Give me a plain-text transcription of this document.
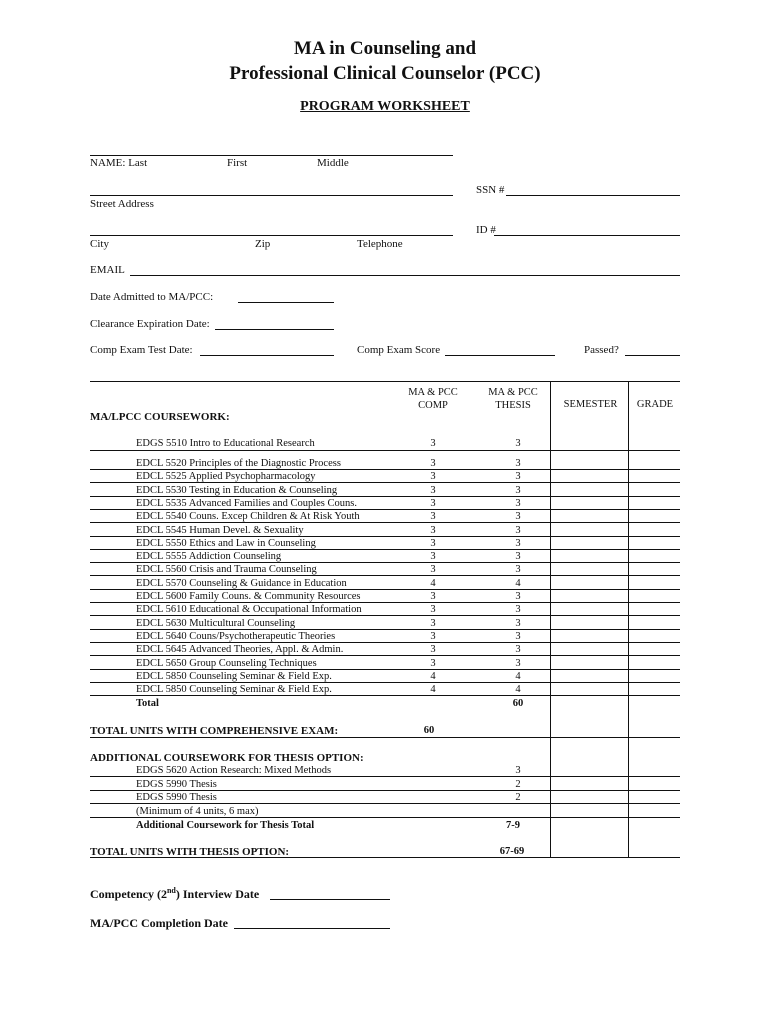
MA in Counseling and
Professional Clinical Counselor (PCC)
PROGRAM WORKSHEET
NAME: Last	First	Middle
SSN #
Street Address
ID #
City	Zip	Telephone
EMAIL
Date Admitted to MA/PCC:
Clearance Expiration Date:
Comp Exam Test Date:	Comp Exam Score	Passed?
MA & PCC
COMP
MA & PCC
THESIS	SEMESTER	GRADE
MA/LPCC COURSEWORK:
EDGS 5510 Intro to Educational Research	3	3
EDCL 5520 Principles of the Diagnostic Process	3	3
EDCL 5525 Applied Psychopharmacology	3	3
EDCL 5530 Testing in Education & Counseling	3	3
EDCL 5535 Advanced Families and Couples Couns.	3	3
EDCL 5540 Couns. Excep Children & At Risk Youth	3	3
EDCL 5545 Human Devel. & Sexuality	3	3
EDCL 5550 Ethics and Law in Counseling	3	3
EDCL 5555 Addiction Counseling	3	3
EDCL 5560 Crisis and Trauma Counseling	3	3
EDCL 5570 Counseling & Guidance in Education	4	4
EDCL 5600 Family Couns. & Community Resources	3	3
EDCL 5610 Educational & Occupational Information	3	3
EDCL 5630 Multicultural Counseling	3	3
EDCL 5640 Couns/Psychotherapeutic Theories	3	3
EDCL 5645 Advanced Theories, Appl. & Admin.	3	3
EDCL 5650 Group Counseling Techniques	3	3
EDCL 5850 Counseling Seminar & Field Exp.	4	4
EDCL 5850 Counseling Seminar & Field Exp.	4	4
Total	60
TOTAL UNITS WITH COMPREHENSIVE EXAM:	60
ADDITIONAL COURSEWORK FOR THESIS OPTION:
EDGS 5620 Action Research: Mixed Methods	3
EDGS 5990 Thesis	2
EDGS 5990 Thesis	2
(Minimum of 4 units, 6 max)
Additional Coursework for Thesis Total	7-9
TOTAL UNITS WITH THESIS OPTION:	67-69
Competency (2nd) Interview Date
MA/PCC Completion Date
